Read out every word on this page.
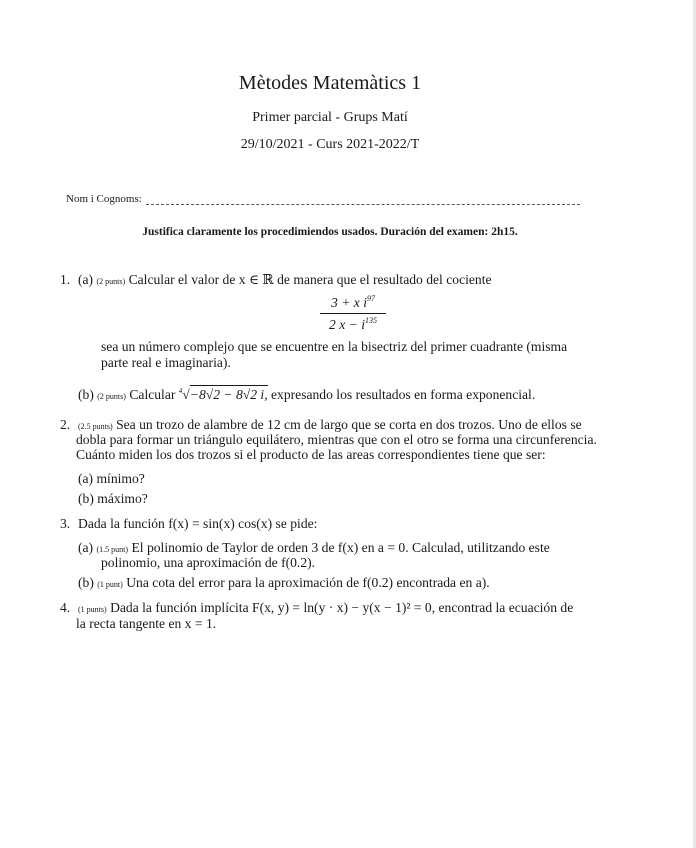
Mètodes Matemàtics 1
Primer parcial - Grups Matí
29/10/2021 - Curs 2021-2022/T
Nom i Cognoms:
Justifica claramente los procedimiendos usados. Duración del examen: 2h15.
1. (a) (2 punts) Calcular el valor de x ∈ ℝ de manera que el resultado del cociente
3 + x $i^{97}$
2 $x - i^{135}$
sea un número complejo que se encuentre en la bisectriz del primer cuadrante (misma
parte real e imaginaria).
(b) (2 punts) Calcular $^4$√−8√2 − 8√2 i, expresando los resultados en forma exponencial.
2. (2.5 punts) Sea un trozo de alambre de 12 cm de largo que se corta en dos trozos. Uno de ellos se
dobla para formar un triángulo equilátero, mientras que con el otro se forma una circunferencia.
Cuánto miden los dos trozos si el producto de las areas correspondientes tiene que ser:
(a) mínimo?
(b) máximo?
3. Dada la función f(x) = sin(x) cos(x) se pide:
(a) (1.5 punt) El polinomio de Taylor de orden 3 de f(x) en a = 0. Calculad, utilitzando este
polinomio, una aproximación de f(0.2).
(b) (1 punt) Una cota del error para la aproximación de f(0.2) encontrada en a).
4. (1 punts) Dada la función implícita F(x, y) = ln(y · x) − y(x − 1)² = 0, encontrad la ecuación de
la recta tangente en x = 1.
